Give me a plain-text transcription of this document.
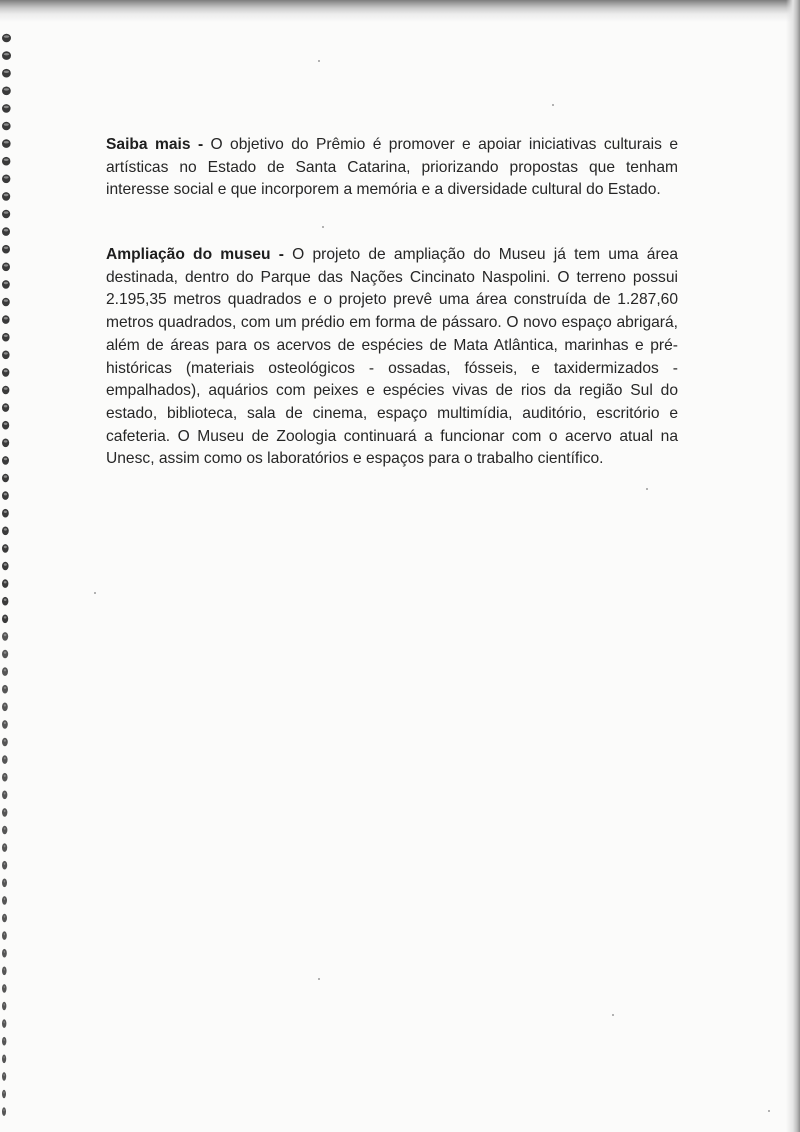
Saiba mais - O objetivo do Prêmio é promover e apoiar iniciativas culturais e artísticas no Estado de Santa Catarina, priorizando propostas que tenham interesse social e que incorporem a memória e a diversidade cultural do Estado.

Ampliação do museu - O projeto de ampliação do Museu já tem uma área destinada, dentro do Parque das Nações Cincinato Naspolini. O terreno possui 2.195,35 metros quadrados e o projeto prevê uma área construída de 1.287,60 metros quadrados, com um prédio em forma de pássaro. O novo espaço abrigará, além de áreas para os acervos de espécies de Mata Atlântica, marinhas e pré-históricas (materiais osteológicos - ossadas, fósseis, e taxidermizados - empalhados), aquários com peixes e espécies vivas de rios da região Sul do estado, biblioteca, sala de cinema, espaço multimídia, auditório, escritório e cafeteria. O Museu de Zoologia continuará a funcionar com o acervo atual na Unesc, assim como os laboratórios e espaços para o trabalho científico.
